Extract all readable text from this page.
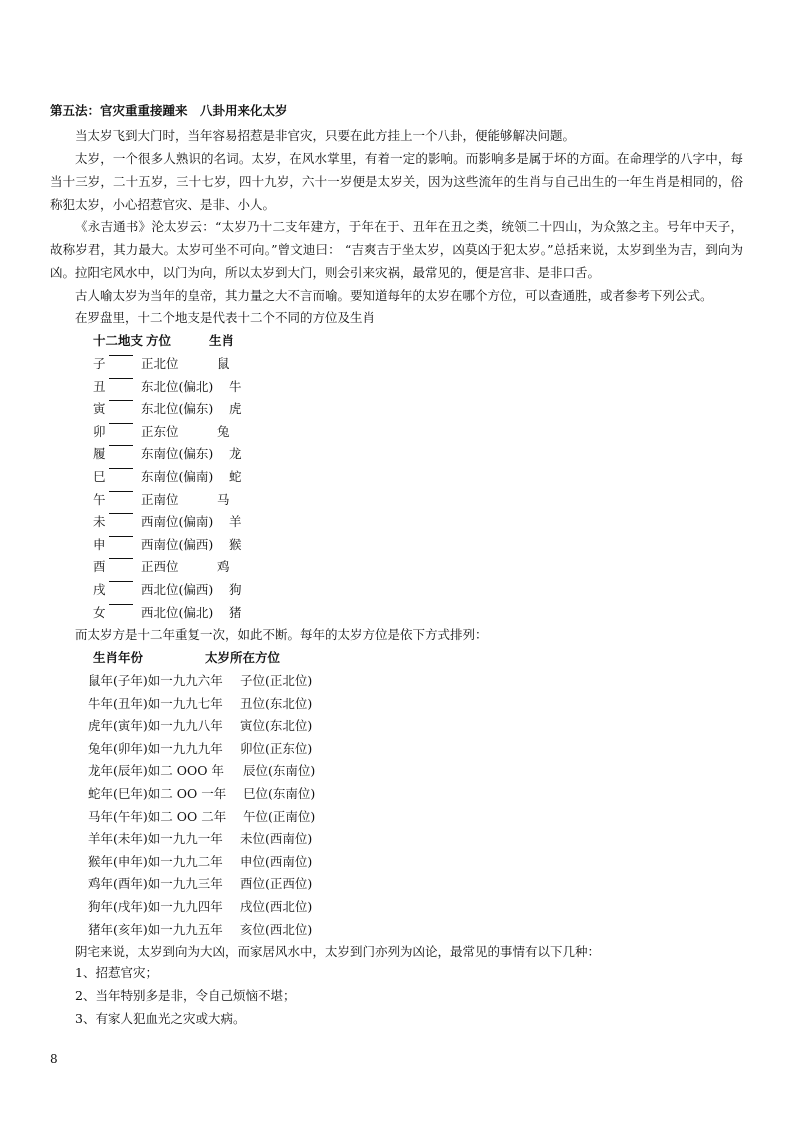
第五法：官灾重重接踵来　八卦用来化太岁
当太岁飞到大门时，当年容易招惹是非官灾，只要在此方挂上一个八卦，便能够解决问题。
太岁，一个很多人熟识的名词。太岁，在风水掌里，有着一定的影响。而影响多是属于坏的方面。在命理学的八字中，每当十三岁，二十五岁，三十七岁，四十九岁，六十一岁便是太岁关，因为这些流年的生肖与自己出生的一年生肖是相同的，俗称犯太岁，小心招惹官灾、是非、小人。
《永吉通书》沦太岁云：“太岁乃十二支年建方，于年在于、丑年在丑之类，统领二十四山，为众煞之主。号年中天子，故称岁君，其力最大。太岁可坐不可向。”曾文迪曰： “吉爽吉于坐太岁，凶莫凶于犯太岁。”总括来说，太岁到坐为吉，到向为凶。拉阳宅风水中，以门为向，所以太岁到大门，则会引来灾祸，最常见的，便是宫非、是非口舌。
古人喻太岁为当年的皇帝，其力量之大不言而喻。要知道每年的太岁在哪个方位，可以查通胜，或者参考下列公式。
在罗盘里，十二个地支是代表十二个不同的方位及生肖
十二地支 方位	生肖
子	正北位	鼠
丑	东北位(偏北) 牛
寅	东北位(偏东) 虎
卯	正东位	兔
履	东南位(偏东) 龙
巳	东南位(偏南) 蛇
午	正南位	马
未	西南位(偏南) 羊
申	西南位(偏西) 猴
酉	正西位	鸡
戌	西北位(偏西) 狗
女	西北位(偏北) 猪
而太岁方是十二年重复一次，如此不断。每年的太岁方位是依下方式排列：
生肖年份	太岁所在方位
鼠年(子年)如一九九六年 子位(正北位)
牛年(丑年)如一九九七年 丑位(东北位)
虎年(寅年)如一九九八年 寅位(东北位)
兔年(卯年)如一九九九年 卯位(正东位)
龙年(辰年)如二 OOO 年 辰位(东南位)
蛇年(巳年)如二 OO 一年 巳位(东南位)
马年(午年)如二 OO 二年 午位(正南位)
羊年(未年)如一九九一年 未位(西南位)
猴年(申年)如一九九二年 申位(西南位)
鸡年(酉年)如一九九三年 酉位(正西位)
狗年(戌年)如一九九四年 戌位(西北位)
猪年(亥年)如一九九五年 亥位(西北位)
阴宅来说，太岁到向为大凶，而家居风水中，太岁到门亦列为凶论，最常见的事情有以下几种：
1、招惹官灾；
2、当年特别多是非，令自己烦恼不堪；
3、有家人犯血光之灾或大病。
8
